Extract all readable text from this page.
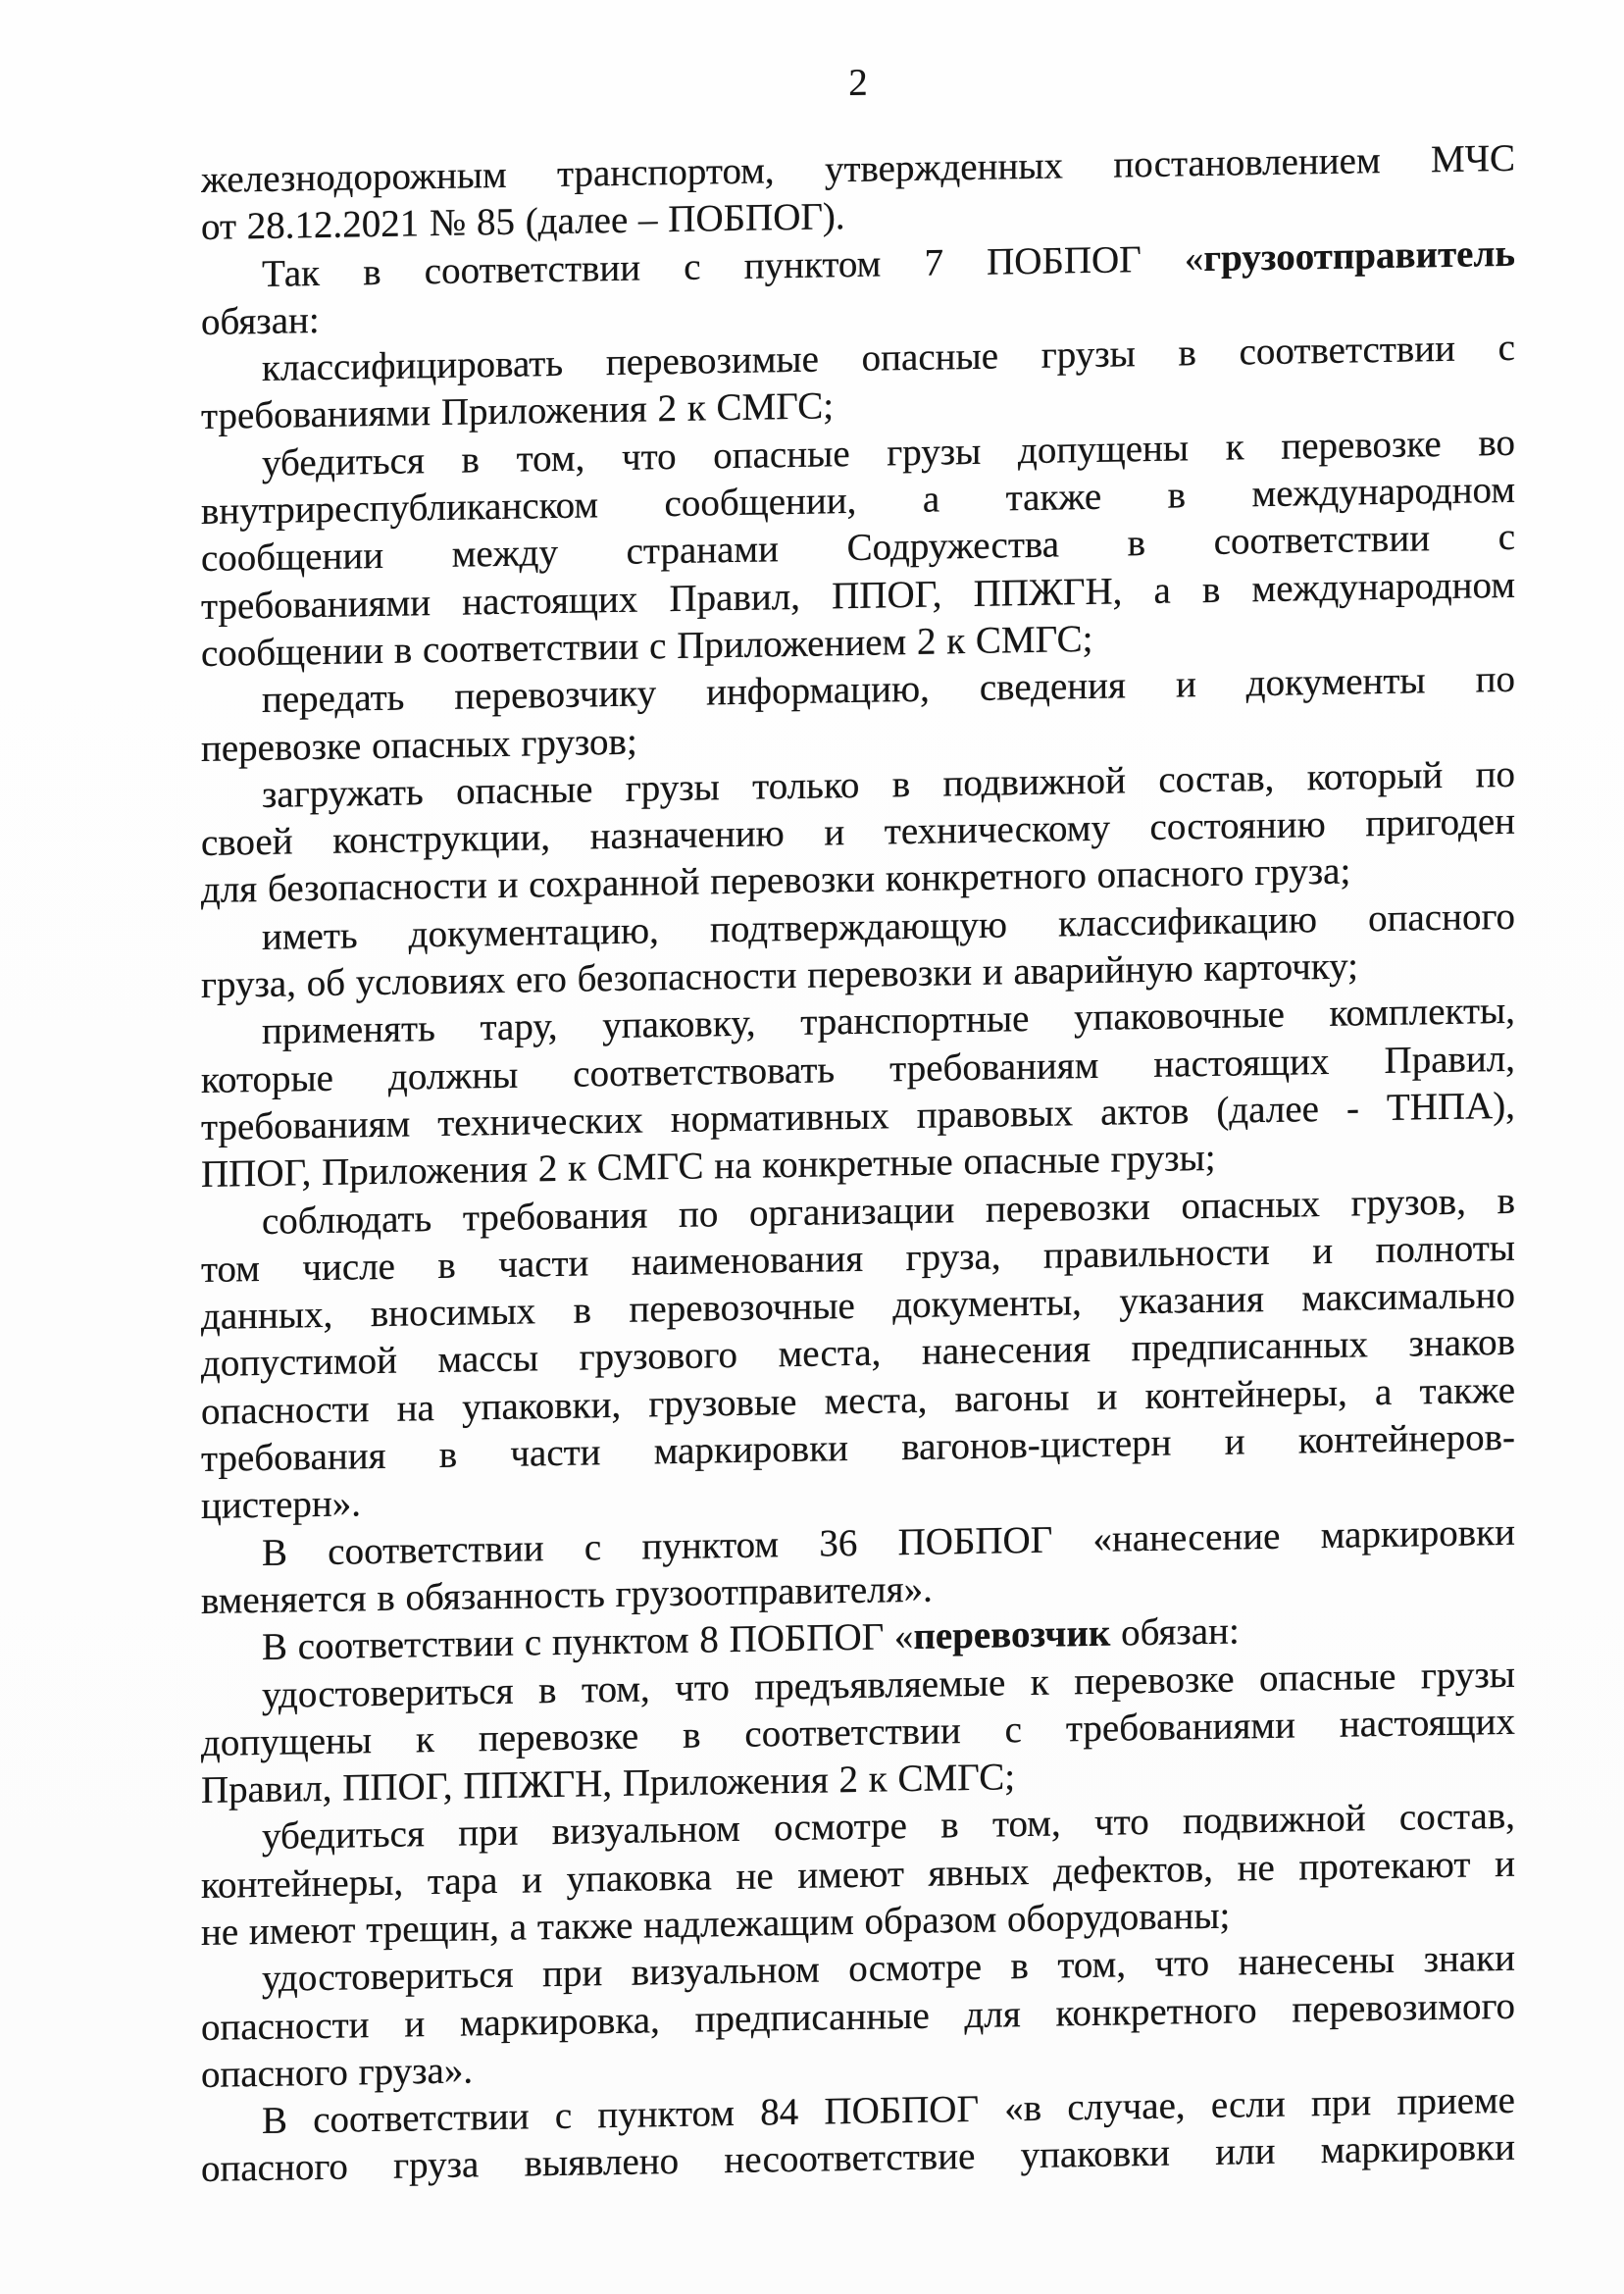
2
железнодорожным транспортом, утвержденных постановлением МЧС
от 28.12.2021 № 85 (далее – ПОБПОГ).
Так в соответствии с пунктом 7 ПОБПОГ «грузоотправитель
обязан:
классифицировать перевозимые опасные грузы в соответствии с
требованиями Приложения 2 к СМГС;
убедиться в том, что опасные грузы допущены к перевозке во
внутриреспубликанском сообщении, а также в международном
сообщении между странами Содружества в соответствии с
требованиями настоящих Правил, ППОГ, ППЖГН, а в международном
сообщении в соответствии с Приложением 2 к СМГС;
передать перевозчику информацию, сведения и документы по
перевозке опасных грузов;
загружать опасные грузы только в подвижной состав, который по
своей конструкции, назначению и техническому состоянию пригоден
для безопасности и сохранной перевозки конкретного опасного груза;
иметь документацию, подтверждающую классификацию опасного
груза, об условиях его безопасности перевозки и аварийную карточку;
применять тару, упаковку, транспортные упаковочные комплекты,
которые должны соответствовать требованиям настоящих Правил,
требованиям технических нормативных правовых актов (далее - ТНПА),
ППОГ, Приложения 2 к СМГС на конкретные опасные грузы;
соблюдать требования по организации перевозки опасных грузов, в
том числе в части наименования груза, правильности и полноты
данных, вносимых в перевозочные документы, указания максимально
допустимой массы грузового места, нанесения предписанных знаков
опасности на упаковки, грузовые места, вагоны и контейнеры, а также
требования в части маркировки вагонов-цистерн и контейнеров-
цистерн».
В соответствии с пунктом 36 ПОБПОГ «нанесение маркировки
вменяется в обязанность грузоотправителя».
В соответствии с пунктом 8 ПОБПОГ «перевозчик обязан:
удостовериться в том, что предъявляемые к перевозке опасные грузы
допущены к перевозке в соответствии с требованиями настоящих
Правил, ППОГ, ППЖГН, Приложения 2 к СМГС;
убедиться при визуальном осмотре в том, что подвижной состав,
контейнеры, тара и упаковка не имеют явных дефектов, не протекают и
не имеют трещин, а также надлежащим образом оборудованы;
удостовериться при визуальном осмотре в том, что нанесены знаки
опасности и маркировка, предписанные для конкретного перевозимого
опасного груза».
В соответствии с пунктом 84 ПОБПОГ «в случае, если при приеме
опасного груза выявлено несоответствие упаковки или маркировки
